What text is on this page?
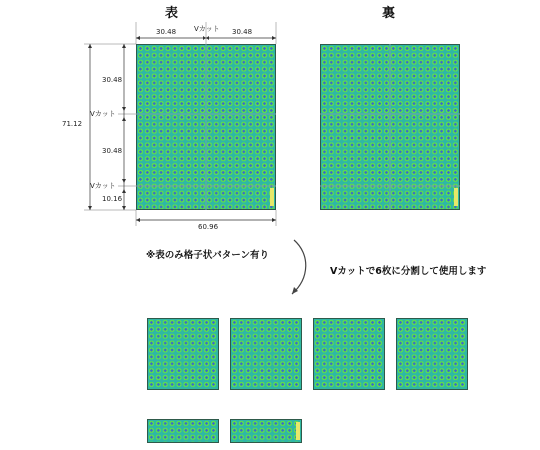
表	裏
30.48	Vカット 30.48
71.12
30.48
Vカット
30.48
Vカット
10.16
60.96
※表のみ格子状パターン有り
Vカットで6枚に分割して使用します
